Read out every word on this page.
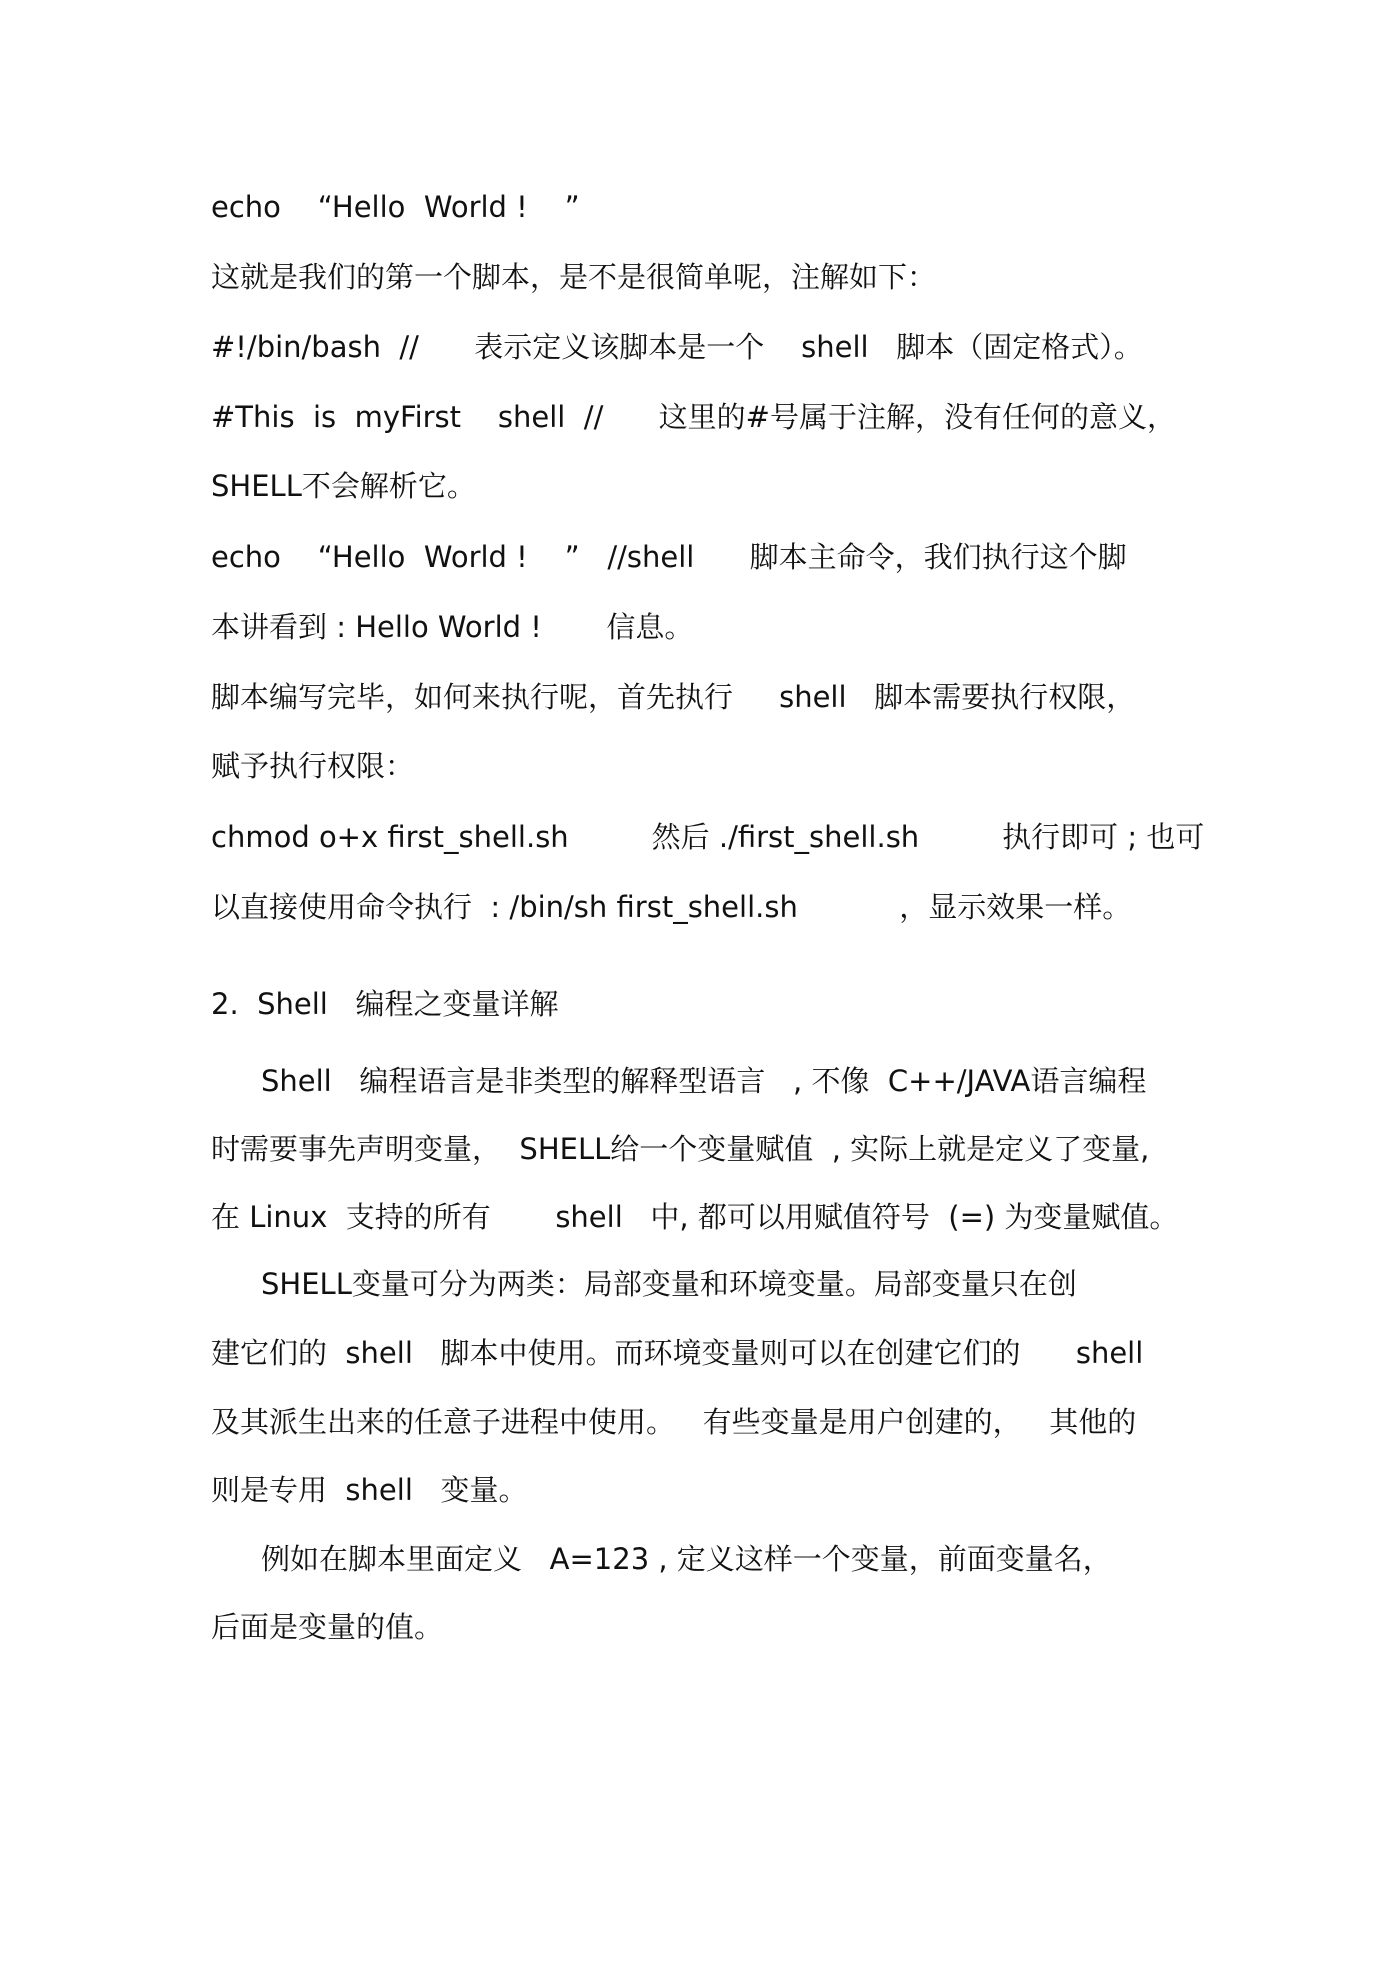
echo    “Hello  World !    ”
这就是我们的第一个脚本，是不是很简单呢，注解如下：
#!/bin/bash  //      表示定义该脚本是一个    shell   脚本（固定格式）。
#This  is  myFirst    shell  //      这里的#号属于注解，没有任何的意义，
SHELL不会解析它。
echo    “Hello  World !    ”   //shell      脚本主命令，我们执行这个脚
本讲看到 : Hello World !       信息。
脚本编写完毕，如何来执行呢，首先执行     shell   脚本需要执行权限，
赋予执行权限：
chmod o+x first_shell.sh         然后 ./first_shell.sh         执行即可 ; 也可
以直接使用命令执行  : /bin/sh first_shell.sh           ，显示效果一样。
2.  Shell   编程之变量详解
Shell   编程语言是非类型的解释型语言   , 不像  C++/JAVA语言编程
时需要事先声明变量，  SHELL给一个变量赋值  , 实际上就是定义了变量,
在 Linux  支持的所有       shell   中, 都可以用赋值符号  (=) 为变量赋值。
SHELL变量可分为两类：局部变量和环境变量。局部变量只在创
建它们的  shell   脚本中使用。而环境变量则可以在创建它们的      shell
及其派生出来的任意子进程中使用。   有些变量是用户创建的，   其他的
则是专用  shell   变量。
例如在脚本里面定义   A=123 , 定义这样一个变量，前面变量名，
后面是变量的值。
